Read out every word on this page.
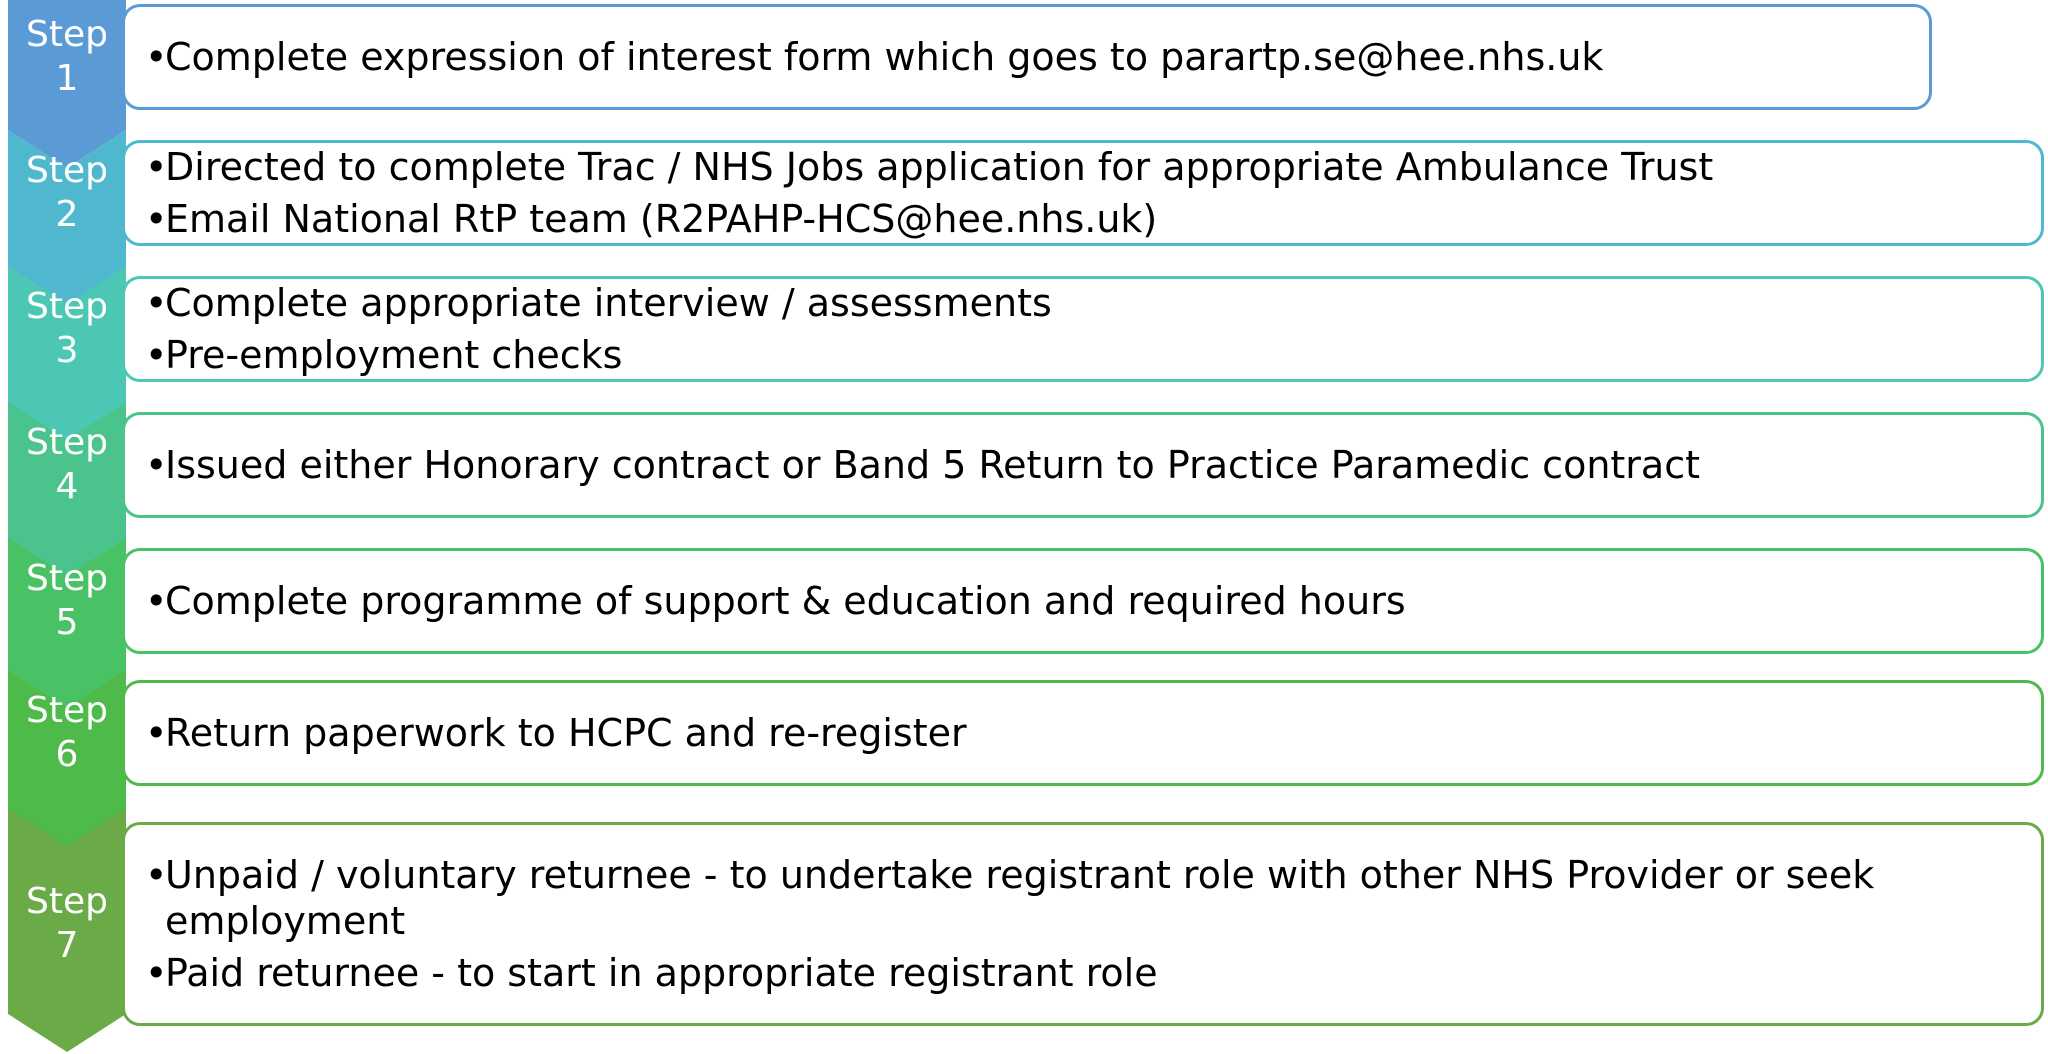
• Complete expression of interest form which goes to parartp.se@hee.nhs.uk
• Directed to complete Trac / NHS Jobs application for appropriate Ambulance Trust
• Email National RtP team (R2PAHP-HCS@hee.nhs.uk)
• Complete appropriate interview / assessments
• Pre-employment checks
• Issued either Honorary contract or Band 5 Return to Practice Paramedic contract
• Complete programme of support & education and required hours
• Return paperwork to HCPC and re-register
• Unpaid / voluntary returnee - to undertake registrant role with other NHS Provider or seek employment
• Paid returnee - to start in appropriate registrant role
Step
1
Step
2
Step
3
Step
4
Step
5
Step
6
Step
7
